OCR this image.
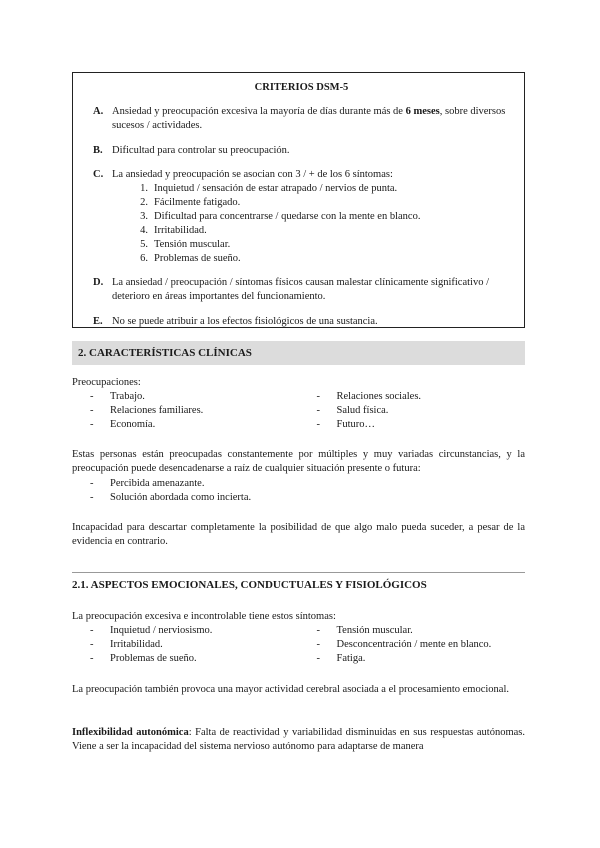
CRITERIOS DSM-5
A. Ansiedad y preocupación excesiva la mayoría de días durante más de 6 meses, sobre diversos sucesos / actividades.
B. Dificultad para controlar su preocupación.
C. La ansiedad y preocupación se asocian con 3 / + de los 6 síntomas:
1. Inquietud / sensación de estar atrapado / nervios de punta.
2. Fácilmente fatigado.
3. Dificultad para concentrarse / quedarse con la mente en blanco.
4. Irritabilidad.
5. Tensión muscular.
6. Problemas de sueño.
D. La ansiedad / preocupación / síntomas físicos causan malestar clínicamente significativo / deterioro en áreas importantes del funcionamiento.
E. No se puede atribuir a los efectos fisiológicos de una sustancia.
2. CARACTERÍSTICAS CLÍNICAS
Preocupaciones:
-	Trabajo.
-	Relaciones familiares.
-	Economía.
-	Relaciones sociales.
-	Salud física.
-	Futuro…
Estas personas están preocupadas constantemente por múltiples y muy variadas circunstancias, y la preocupación puede desencadenarse a raíz de cualquier situación presente o futura:
-	Percibida amenazante.
-	Solución abordada como incierta.
Incapacidad para descartar completamente la posibilidad de que algo malo pueda suceder, a pesar de la evidencia en contrario.
2.1. ASPECTOS EMOCIONALES, CONDUCTUALES Y FISIOLÓGICOS
La preocupación excesiva e incontrolable tiene estos síntomas:
-	Inquietud / nerviosismo.
-	Irritabilidad.
-	Problemas de sueño.
-	Tensión muscular.
-	Desconcentración / mente en blanco.
-	Fatiga.
La preocupación también provoca una mayor actividad cerebral asociada a el procesamiento emocional.
Inflexibilidad autonómica: Falta de reactividad y variabilidad disminuidas en sus respuestas autónomas. Viene a ser la incapacidad del sistema nervioso autónomo para adaptarse de manera
